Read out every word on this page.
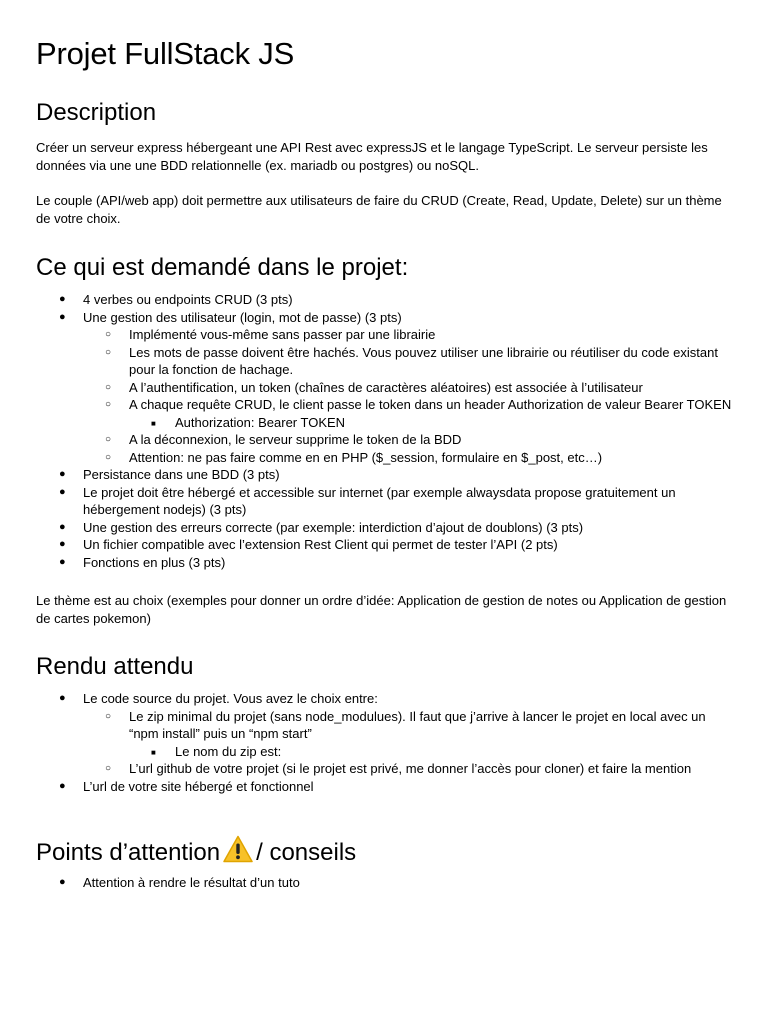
Projet FullStack JS
Description

Créer un serveur express hébergeant une API Rest avec expressJS et le langage TypeScript. Le serveur persiste les données via une une BDD relationnelle (ex. mariadb ou postgres) ou noSQL.

Le couple (API/web app) doit permettre aux utilisateurs de faire du CRUD (Create, Read, Update, Delete) sur un thème de votre choix.

Ce qui est demandé dans le projet:
● 4 verbes ou endpoints CRUD (3 pts)
● Une gestion des utilisateur (login, mot de passe) (3 pts)
○ Implémenté vous-même sans passer par une librairie
○ Les mots de passe doivent être hachés. Vous pouvez utiliser une librairie ou réutiliser du code existant pour la fonction de hachage.
○ A l’authentification, un token (chaînes de caractères aléatoires) est associée à l’utilisateur
○ A chaque requête CRUD, le client passe le token dans un header Authorization de valeur Bearer TOKEN
■ Authorization: Bearer TOKEN
○ A la déconnexion, le serveur supprime le token de la BDD
○ Attention: ne pas faire comme en en PHP ($_session, formulaire en $_post, etc…)
● Persistance dans une BDD (3 pts)
● Le projet doit être hébergé et accessible sur internet (par exemple alwaysdata propose gratuitement un hébergement nodejs) (3 pts)
● Une gestion des erreurs correcte (par exemple: interdiction d’ajout de doublons) (3 pts)
● Un fichier compatible avec l’extension Rest Client qui permet de tester l’API (2 pts)
● Fonctions en plus (3 pts)

Le thème est au choix (exemples pour donner un ordre d’idée: Application de gestion de notes ou Application de gestion de cartes pokemon)

Rendu attendu
● Le code source du projet. Vous avez le choix entre:
○ Le zip minimal du projet (sans node_modulues). Il faut que j’arrive à lancer le projet en local avec un “npm install” puis un “npm start”
■ Le nom du zip est:
○ L’url github de votre projet (si le projet est privé, me donner l’accès pour cloner) et faire la mention
● L’url de votre site hébergé et fonctionnel
Points d’attention / conseils
● Attention à rendre le résultat d’un tuto
